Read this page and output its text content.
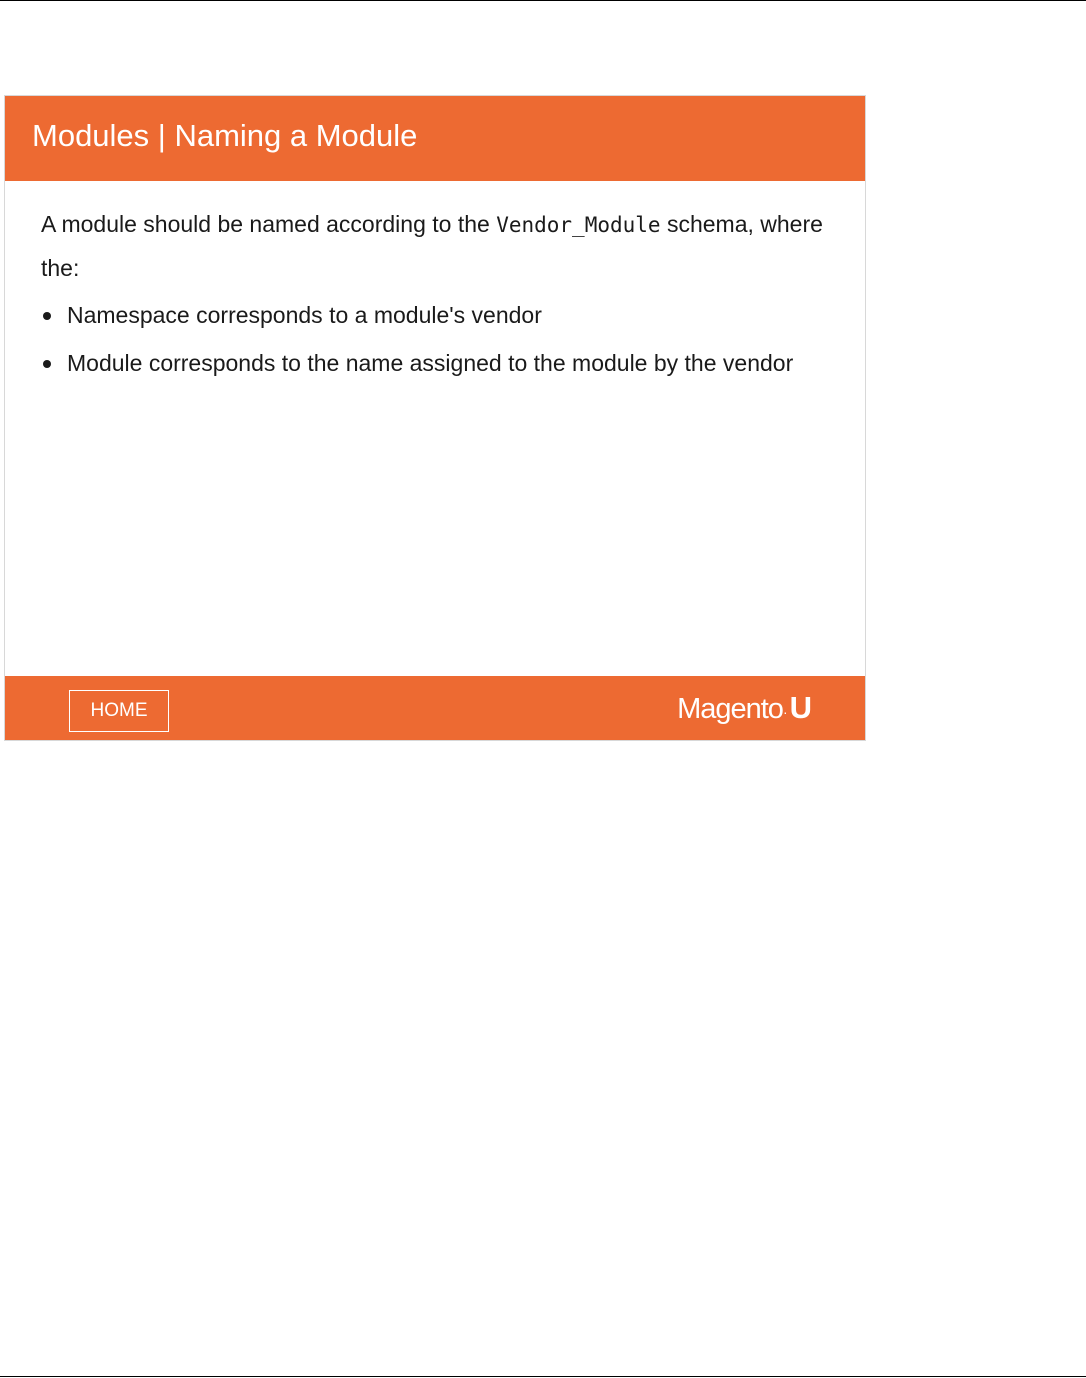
Modules | Naming a Module

A module should be named according to the Vendor_Module schema, where the:

Namespace corresponds to a module's vendor
Module corresponds to the name assigned to the module by the vendor
HOME	Magento·U
